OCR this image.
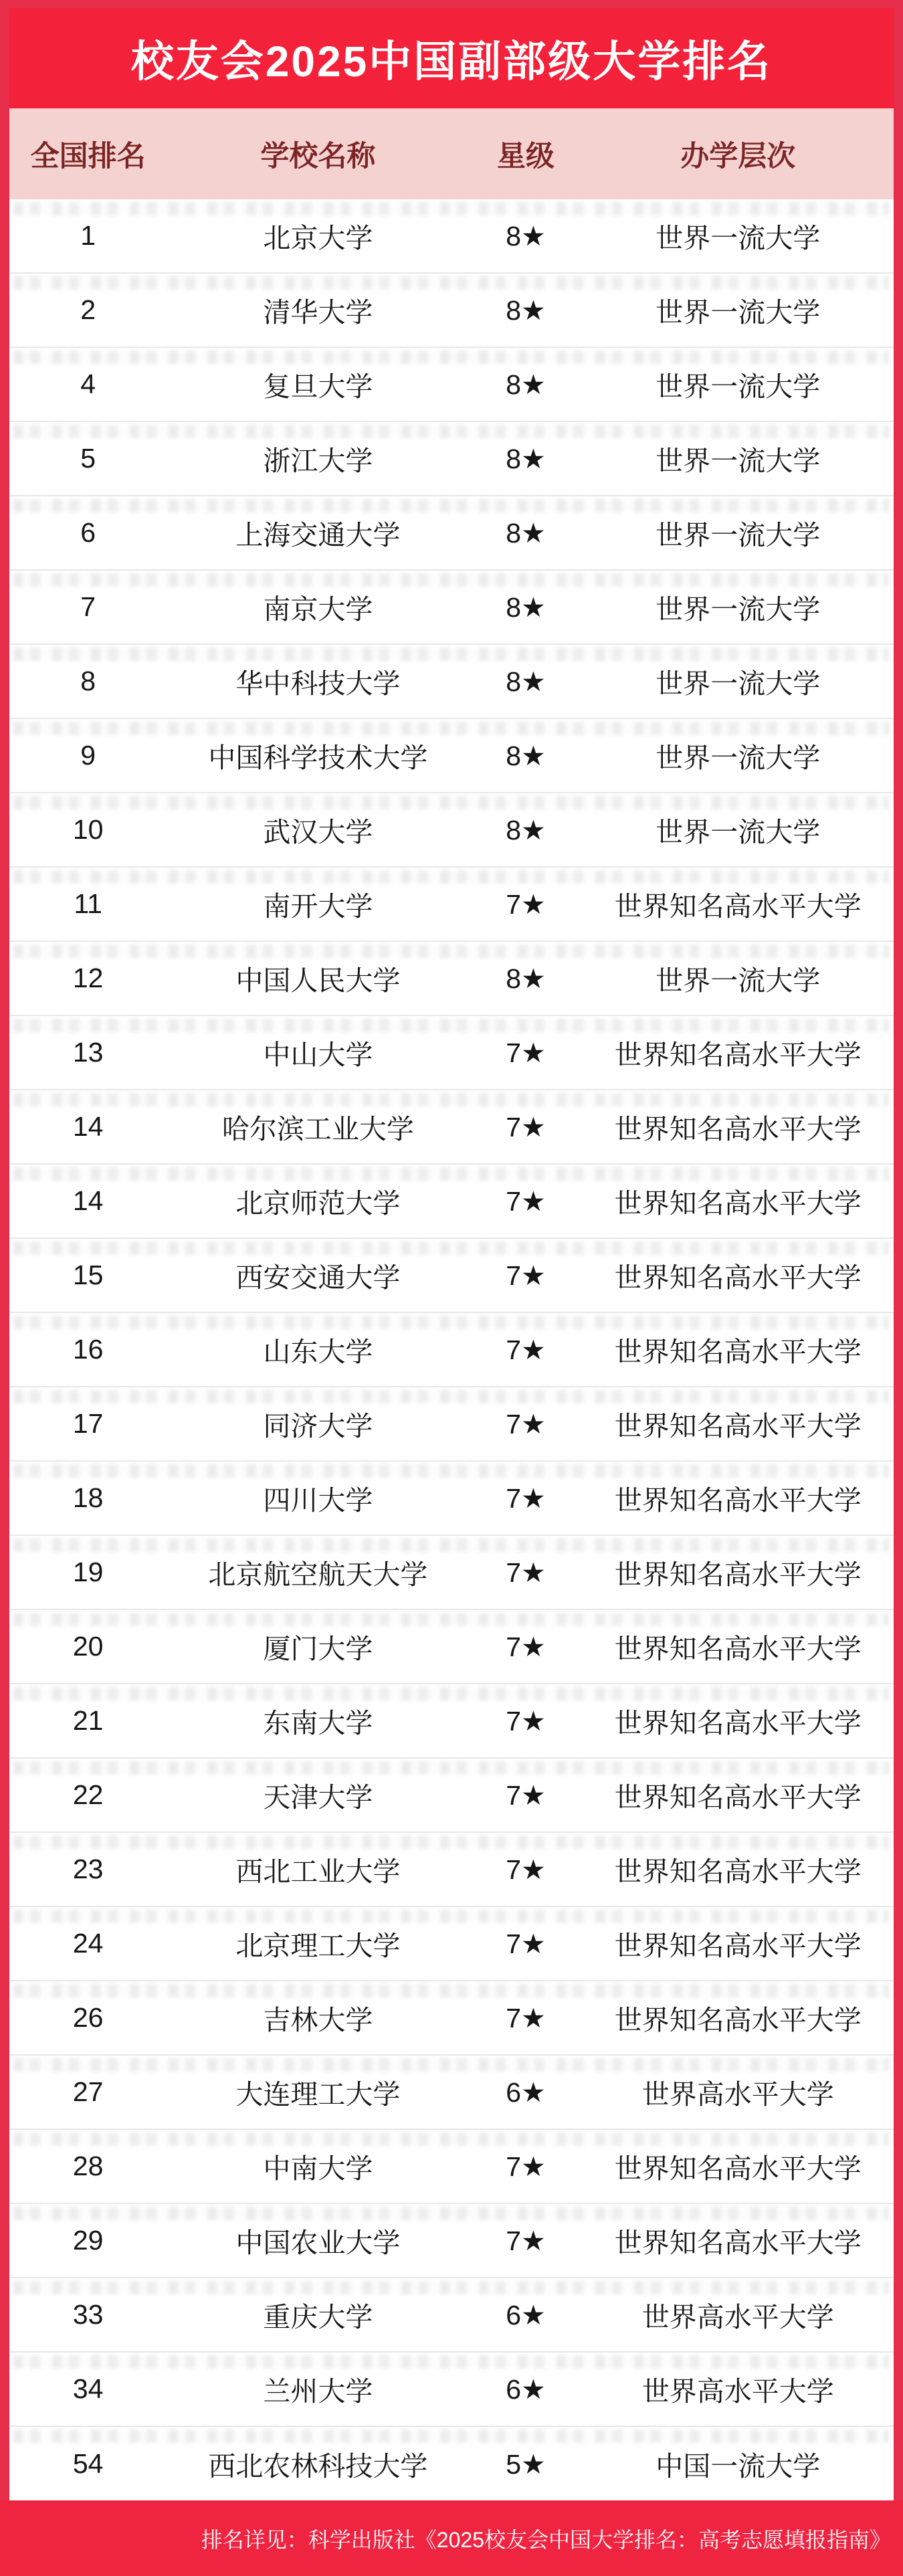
校友会2025中国副部级大学排名
全国排名	学校名称	星级	办学层次
1	北京大学	8★	世界一流大学
2	清华大学	8★	世界一流大学
4	复旦大学	8★	世界一流大学
5	浙江大学	8★	世界一流大学
6	上海交通大学	8★	世界一流大学
7	南京大学	8★	世界一流大学
8	华中科技大学	8★	世界一流大学
9	中国科学技术大学	8★	世界一流大学
10	武汉大学	8★	世界一流大学
11	南开大学	7★	世界知名高水平大学
12	中国人民大学	8★	世界一流大学
13	中山大学	7★	世界知名高水平大学
14	哈尔滨工业大学	7★	世界知名高水平大学
14	北京师范大学	7★	世界知名高水平大学
15	西安交通大学	7★	世界知名高水平大学
16	山东大学	7★	世界知名高水平大学
17	同济大学	7★	世界知名高水平大学
18	四川大学	7★	世界知名高水平大学
19	北京航空航天大学	7★	世界知名高水平大学
20	厦门大学	7★	世界知名高水平大学
21	东南大学	7★	世界知名高水平大学
22	天津大学	7★	世界知名高水平大学
23	西北工业大学	7★	世界知名高水平大学
24	北京理工大学	7★	世界知名高水平大学
26	吉林大学	7★	世界知名高水平大学
27	大连理工大学	6★	世界高水平大学
28	中南大学	7★	世界知名高水平大学
29	中国农业大学	7★	世界知名高水平大学
33	重庆大学	6★	世界高水平大学
34	兰州大学	6★	世界高水平大学
54	西北农林科技大学	5★	中国一流大学
排名详见：科学出版社《2025校友会中国大学排名：高考志愿填报指南》
